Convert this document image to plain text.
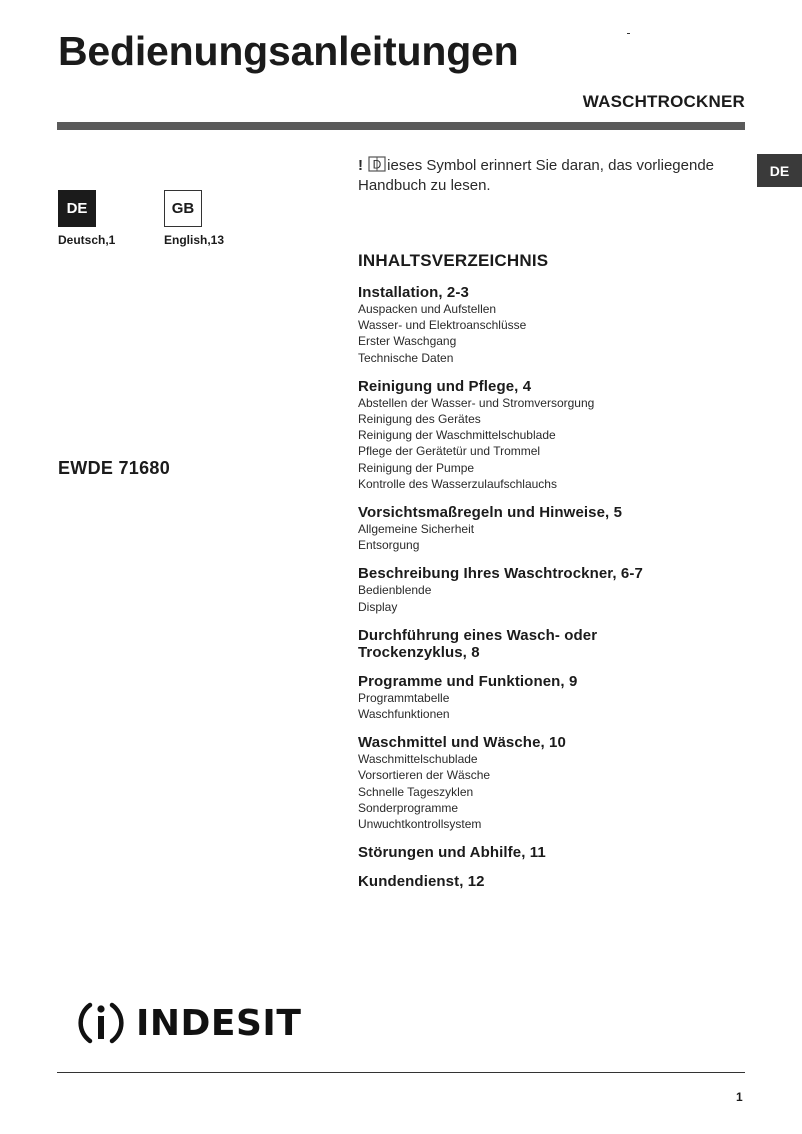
Bedienungsanleitungen
WASCHTROCKNER
DE
DE	GB
Deutsch,1	English,13
EWDE 71680
! D ieses Symbol erinnert Sie daran, das vorliegende Handbuch zu lesen.
INHALTSVERZEICHNIS
Installation, 2-3
Auspacken und Aufstellen
Wasser- und Elektroanschlüsse
Erster Waschgang
Technische Daten
Reinigung und Pflege, 4
Abstellen der Wasser- und Stromversorgung
Reinigung des Gerätes
Reinigung der Waschmittelschublade
Pflege der Gerätetür und Trommel
Reinigung der Pumpe
Kontrolle des Wasserzulaufschlauchs
Vorsichtsmaßregeln und Hinweise, 5
Allgemeine Sicherheit
Entsorgung
Beschreibung Ihres Waschtrockner, 6-7
Bedienblende
Display
Durchführung eines Wasch- oder
Trockenzyklus, 8
Programme und Funktionen, 9
Programmtabelle
Waschfunktionen
Waschmittel und Wäsche, 10
Waschmittelschublade
Vorsortieren der Wäsche
Schnelle Tageszyklen
Sonderprogramme
Unwuchtkontrollsystem
Störungen und Abhilfe, 11
Kundendienst, 12
INDESIT
1
